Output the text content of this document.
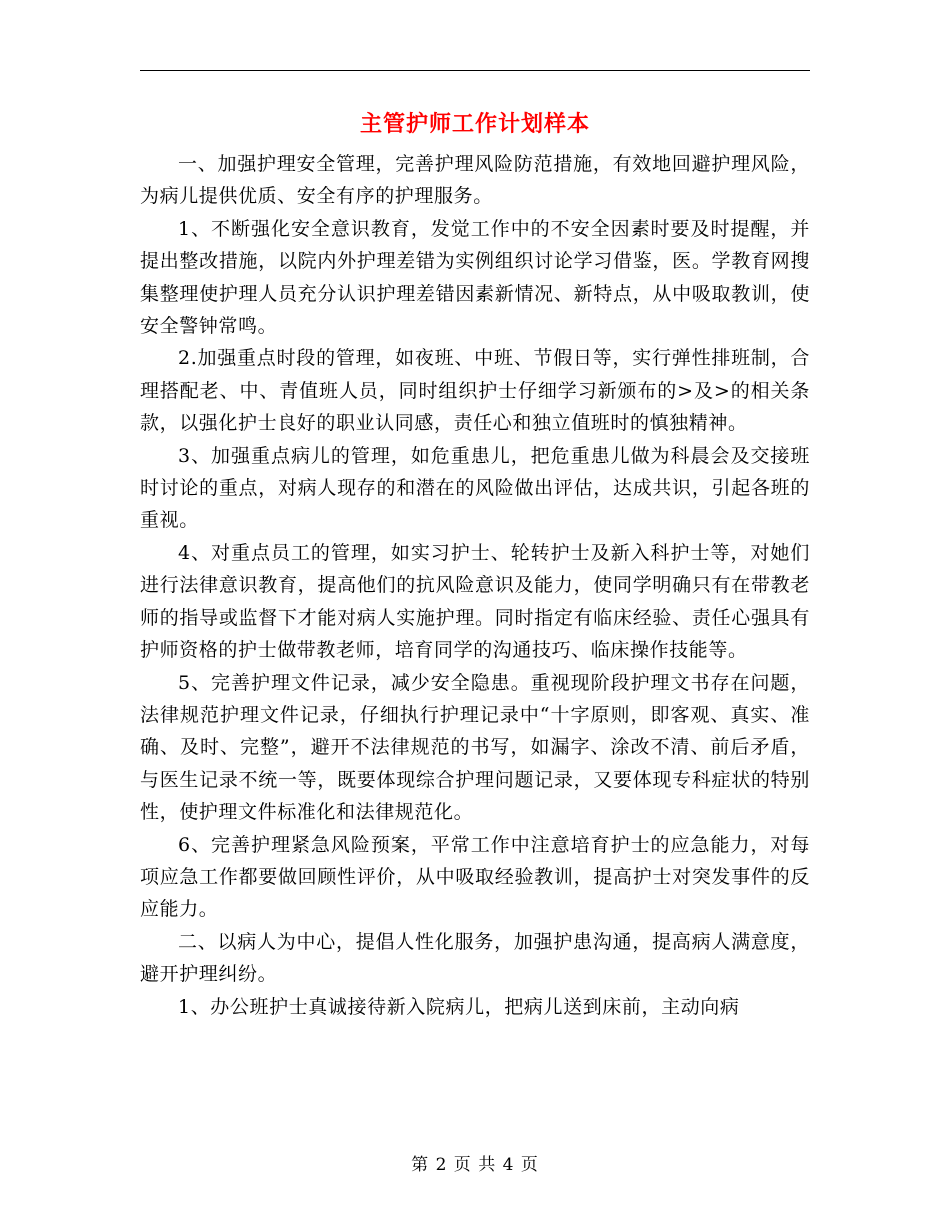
主管护师工作计划样本

一、加强护理安全管理，完善护理风险防范措施，有效地回避护理风险，为病儿提供优质、安全有序的护理服务。

1、不断强化安全意识教育，发觉工作中的不安全因素时要及时提醒，并提出整改措施，以院内外护理差错为实例组织讨论学习借鉴，医。学教育网搜集整理使护理人员充分认识护理差错因素新情况、新特点，从中吸取教训，使安全警钟常鸣。

2.加强重点时段的管理，如夜班、中班、节假日等，实行弹性排班制，合理搭配老、中、青值班人员，同时组织护士仔细学习新颁布的>及>的相关条款，以强化护士良好的职业认同感，责任心和独立值班时的慎独精神。

3、加强重点病儿的管理，如危重患儿，把危重患儿做为科晨会及交接班时讨论的重点，对病人现存的和潜在的风险做出评估，达成共识，引起各班的重视。

4、对重点员工的管理，如实习护士、轮转护士及新入科护士等，对她们进行法律意识教育，提高他们的抗风险意识及能力，使同学明确只有在带教老师的指导或监督下才能对病人实施护理。同时指定有临床经验、责任心强具有护师资格的护士做带教老师，培育同学的沟通技巧、临床操作技能等。

5、完善护理文件记录，减少安全隐患。重视现阶段护理文书存在问题，法律规范护理文件记录，仔细执行护理记录中“十字原则，即客观、真实、准确、及时、完整”，避开不法律规范的书写，如漏字、涂改不清、前后矛盾，与医生记录不统一等，既要体现综合护理问题记录，又要体现专科症状的特别性，使护理文件标准化和法律规范化。

6、完善护理紧急风险预案，平常工作中注意培育护士的应急能力，对每项应急工作都要做回顾性评价，从中吸取经验教训，提高护士对突发事件的反应能力。

二、以病人为中心，提倡人性化服务，加强护患沟通，提高病人满意度，避开护理纠纷。

1、办公班护士真诚接待新入院病儿，把病儿送到床前，主动向病

第 2 页 共 4 页
